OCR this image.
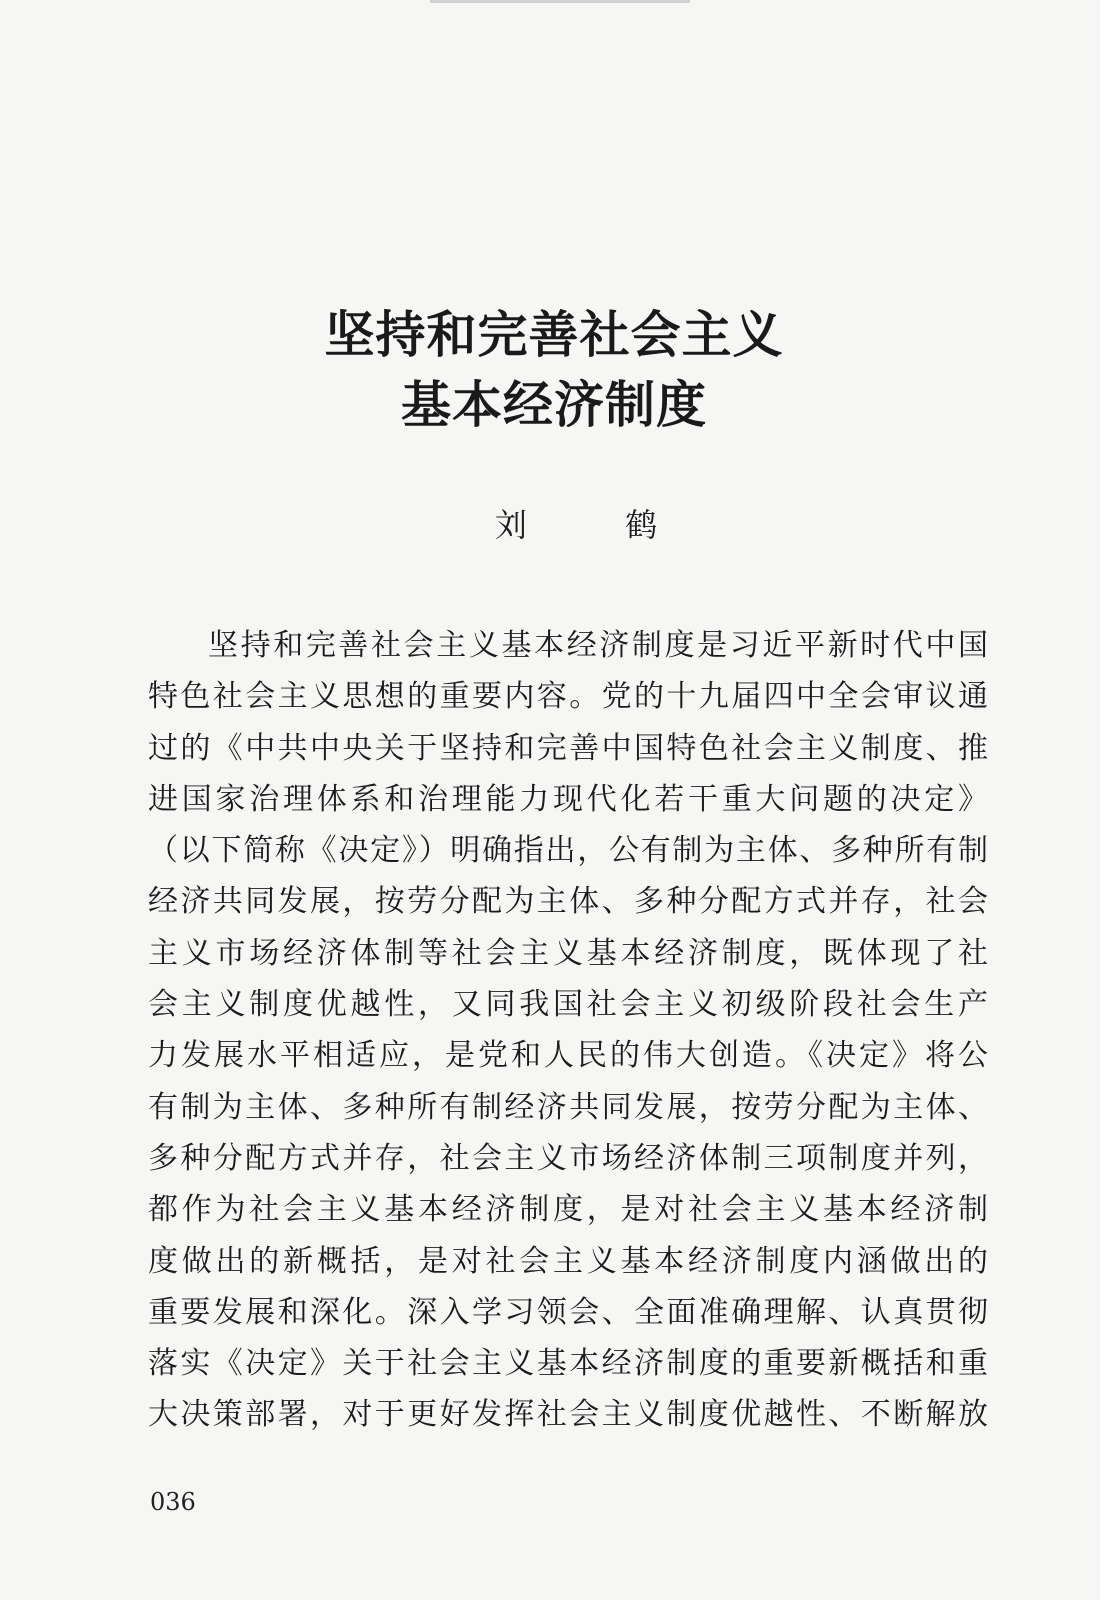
坚持和完善社会主义
基本经济制度
刘 鹤
坚持和完善社会主义基本经济制度是习近平新时代中国
特色社会主义思想的重要内容。党的十九届四中全会审议通
过的《中共中央关于坚持和完善中国特色社会主义制度、推
进国家治理体系和治理能力现代化若干重大问题的决定》
（以下简称《决定》）明确指出，公有制为主体、多种所有制
经济共同发展，按劳分配为主体、多种分配方式并存，社会
主义市场经济体制等社会主义基本经济制度，既体现了社
会主义制度优越性，又同我国社会主义初级阶段社会生产
力发展水平相适应，是党和人民的伟大创造。《决定》将公
有制为主体、多种所有制经济共同发展，按劳分配为主体、
多种分配方式并存，社会主义市场经济体制三项制度并列，
都作为社会主义基本经济制度，是对社会主义基本经济制
度做出的新概括，是对社会主义基本经济制度内涵做出的
重要发展和深化。深入学习领会、全面准确理解、认真贯彻
落实《决定》关于社会主义基本经济制度的重要新概括和重
大决策部署，对于更好发挥社会主义制度优越性、不断解放
036
